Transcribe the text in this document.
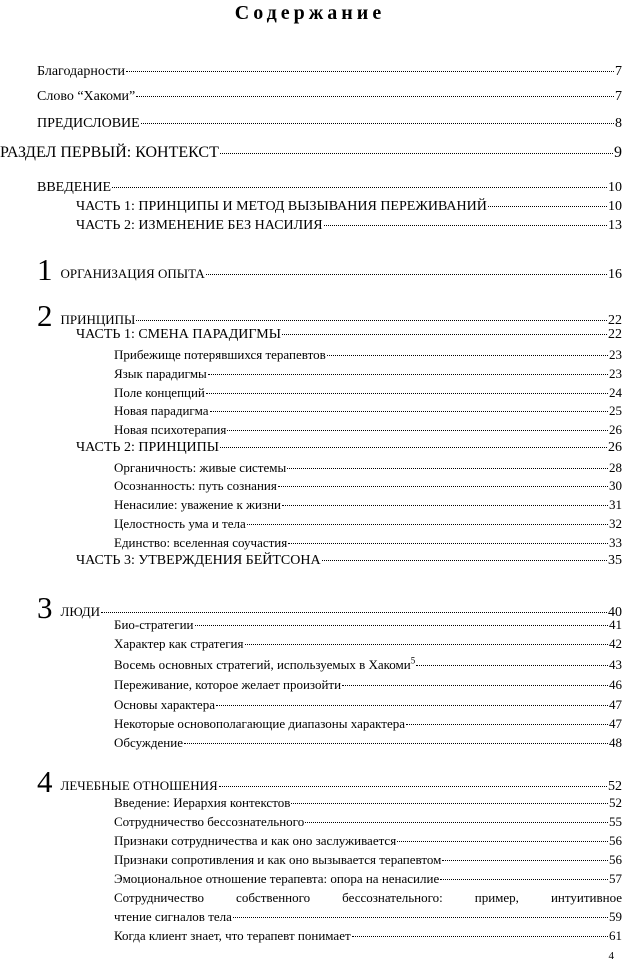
Содержание
Благодарности	7
Слово “Хакоми”	7
ПРЕДИСЛОВИЕ	8
РАЗДЕЛ ПЕРВЫЙ: КОНТЕКСТ	9
ВВЕДЕНИЕ	10
ЧАСТЬ 1: ПРИНЦИПЫ И МЕТОД ВЫЗЫВАНИЯ ПЕРЕЖИВАНИЙ	10
ЧАСТЬ 2: ИЗМЕНЕНИЕ БЕЗ НАСИЛИЯ	13
1 ОРГАНИЗАЦИЯ ОПЫТА	16
2 ПРИНЦИПЫ	22
ЧАСТЬ 1: СМЕНА ПАРАДИГМЫ	22
Прибежище потерявшихся терапевтов	23
Язык парадигмы	23
Поле концепций	24
Новая парадигма	25
Новая психотерапия	26
ЧАСТЬ 2: ПРИНЦИПЫ	26
Органичность: живые системы	28
Осознанность: путь сознания	30
Ненасилие: уважение к жизни	31
Целостность ума и тела	32
Единство: вселенная соучастия	33
ЧАСТЬ 3: УТВЕРЖДЕНИЯ БЕЙТСОНА	35
3 ЛЮДИ	40
Био-стратегии	41
Характер как стратегия	42
Восемь основных стратегий, используемых в Хакоми$^5$	43
Переживание, которое желает произойти	46
Основы характера	47
Некоторые основополагающие диапазоны характера	47
Обсуждение	48
4 ЛЕЧЕБНЫЕ ОТНОШЕНИЯ	52
Введение: Иерархия контекстов	52
Сотрудничество бессознательного	55
Признаки сотрудничества и как оно заслуживается	56
Признаки сопротивления и как оно вызывается терапевтом	56
Эмоциональное отношение терапевта: опора на ненасилие	57
Сотрудничество собственного бессознательного: пример, интуитивное
чтение сигналов тела	59
Когда клиент знает, что терапевт понимает	61
4
